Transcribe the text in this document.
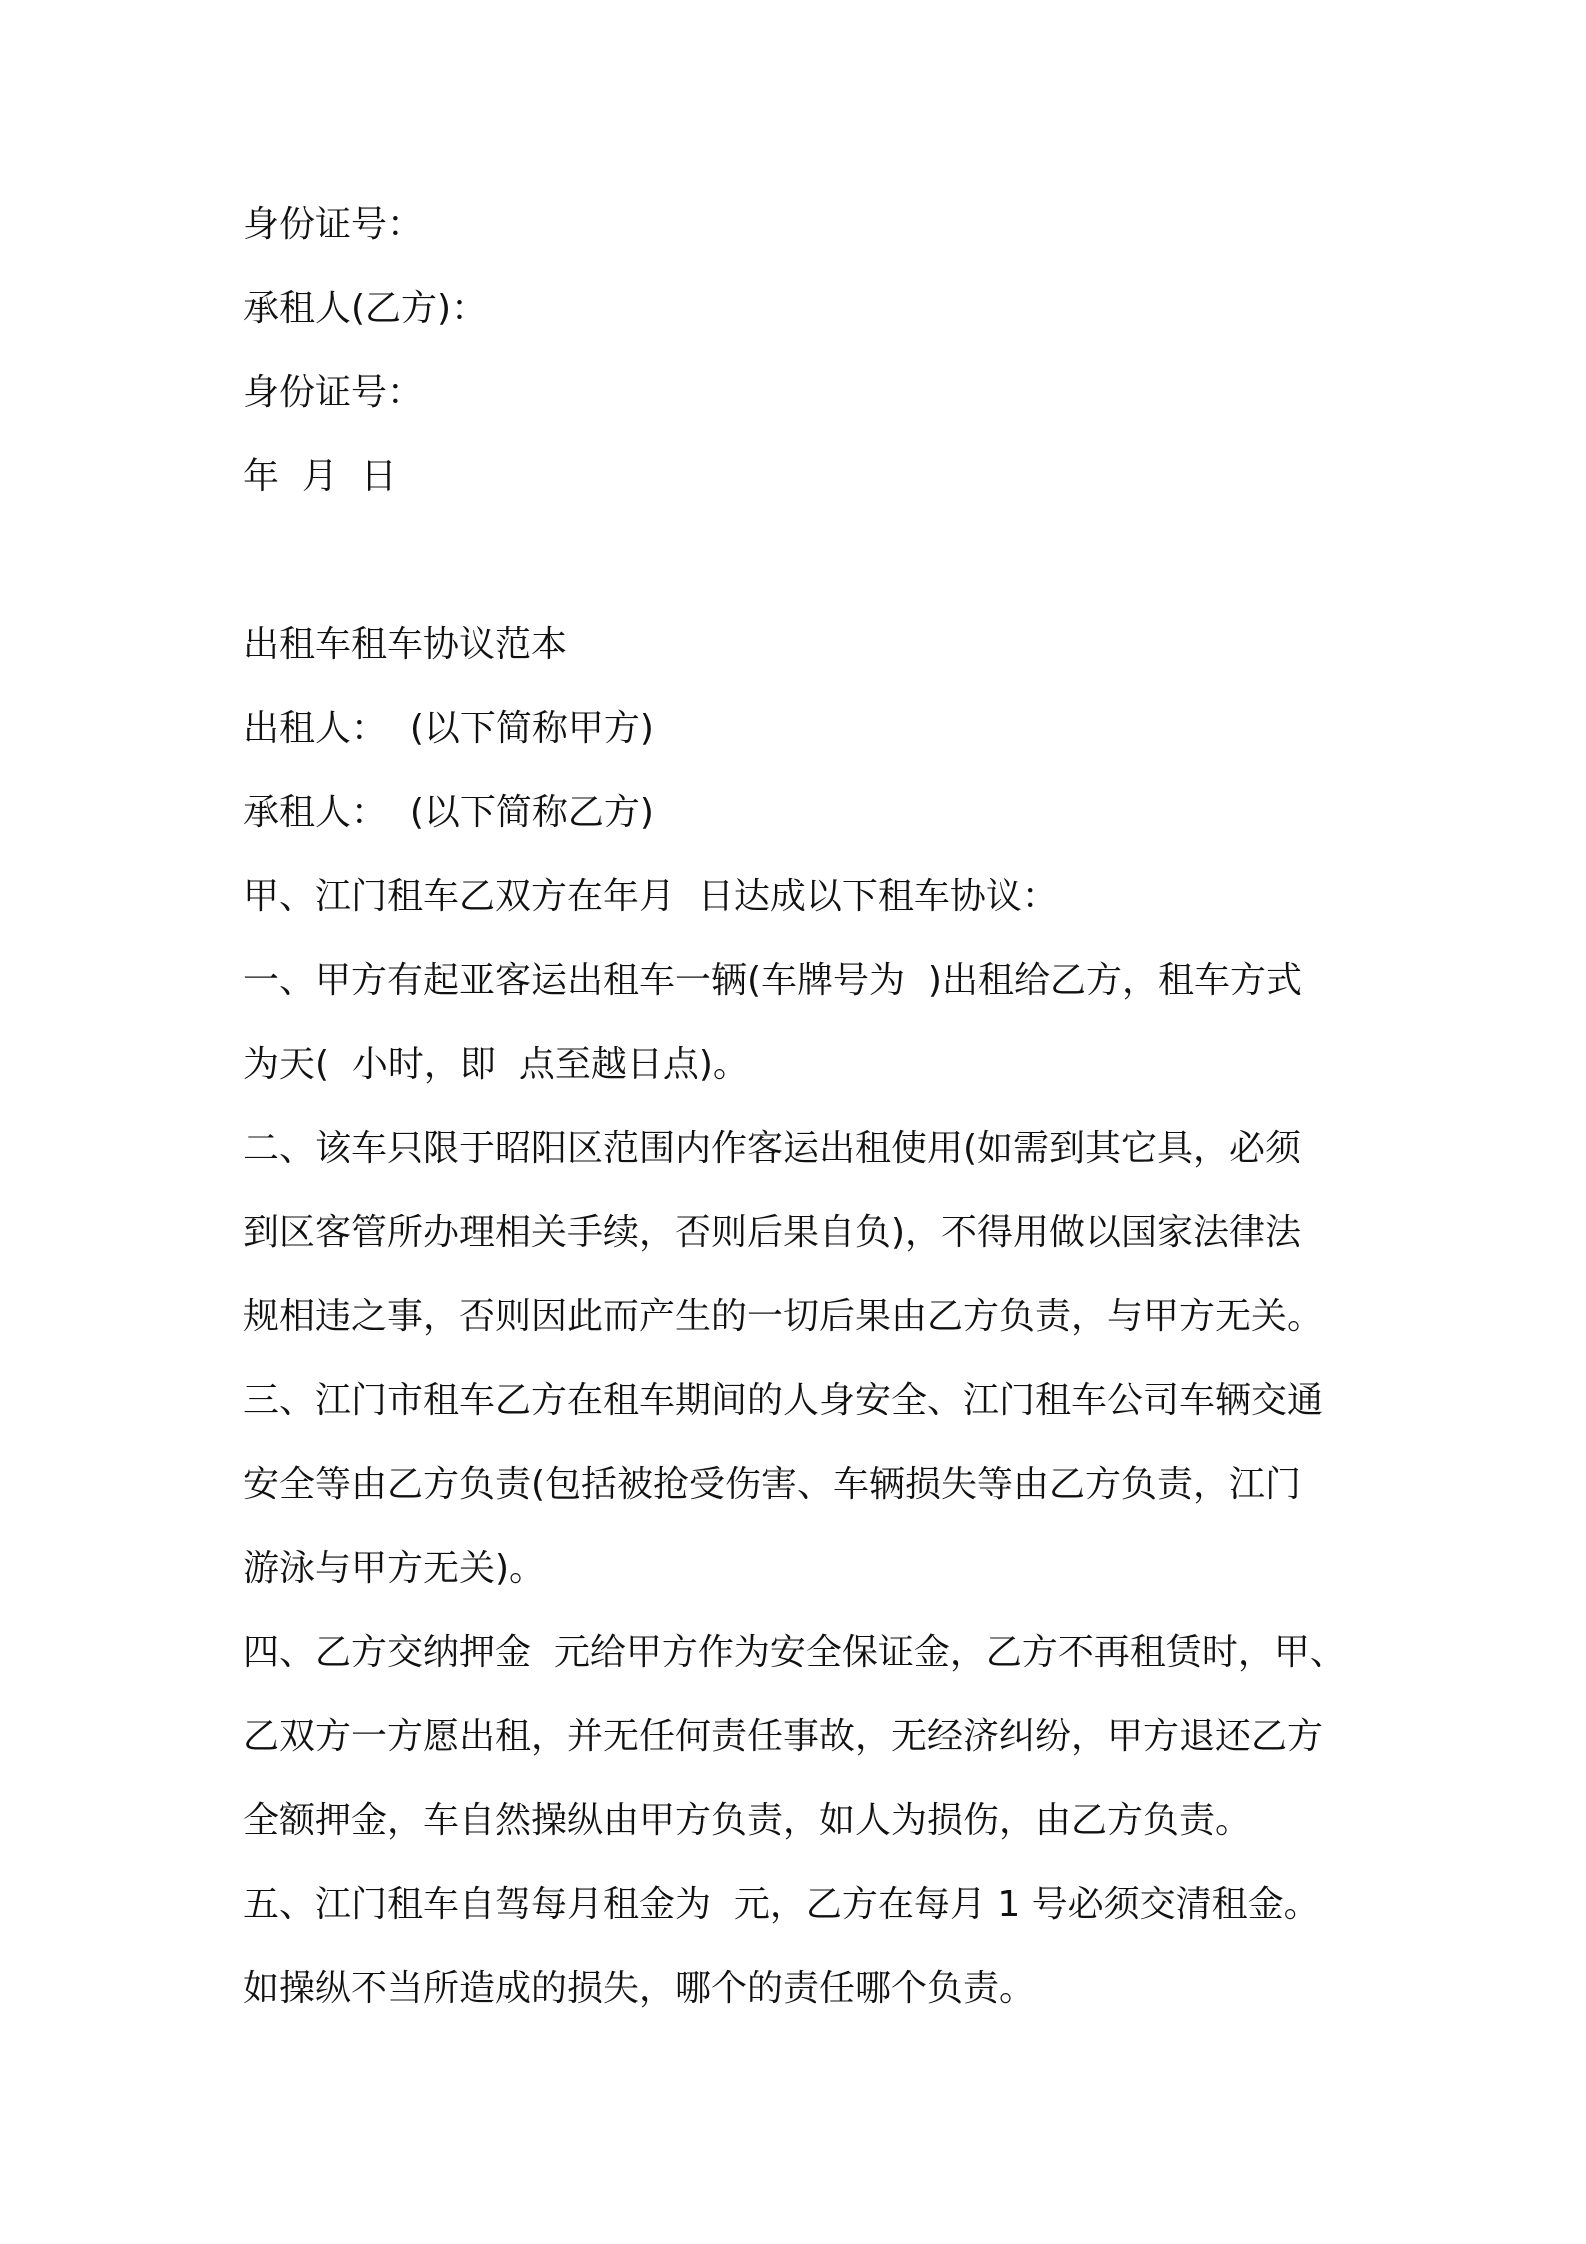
身份证号：
承租人(乙方)：
身份证号：
年  月  日
出租车租车协议范本
出租人：  (以下简称甲方)
承租人：  (以下简称乙方)
甲、江门租车乙双方在年月  日达成以下租车协议：
一、甲方有起亚客运出租车一辆(车牌号为  )出租给乙方，租车方式
为天(  小时，即  点至越日点)。
二、该车只限于昭阳区范围内作客运出租使用(如需到其它具，必须
到区客管所办理相关手续，否则后果自负)，不得用做以国家法律法
规相违之事，否则因此而产生的一切后果由乙方负责，与甲方无关。
三、江门市租车乙方在租车期间的人身安全、江门租车公司车辆交通
安全等由乙方负责(包括被抢受伤害、车辆损失等由乙方负责，江门
游泳与甲方无关)。
四、乙方交纳押金  元给甲方作为安全保证金，乙方不再租赁时，甲、
乙双方一方愿出租，并无任何责任事故，无经济纠纷，甲方退还乙方
全额押金，车自然操纵由甲方负责，如人为损伤，由乙方负责。
五、江门租车自驾每月租金为  元，乙方在每月 1 号必须交清租金。
如操纵不当所造成的损失，哪个的责任哪个负责。
